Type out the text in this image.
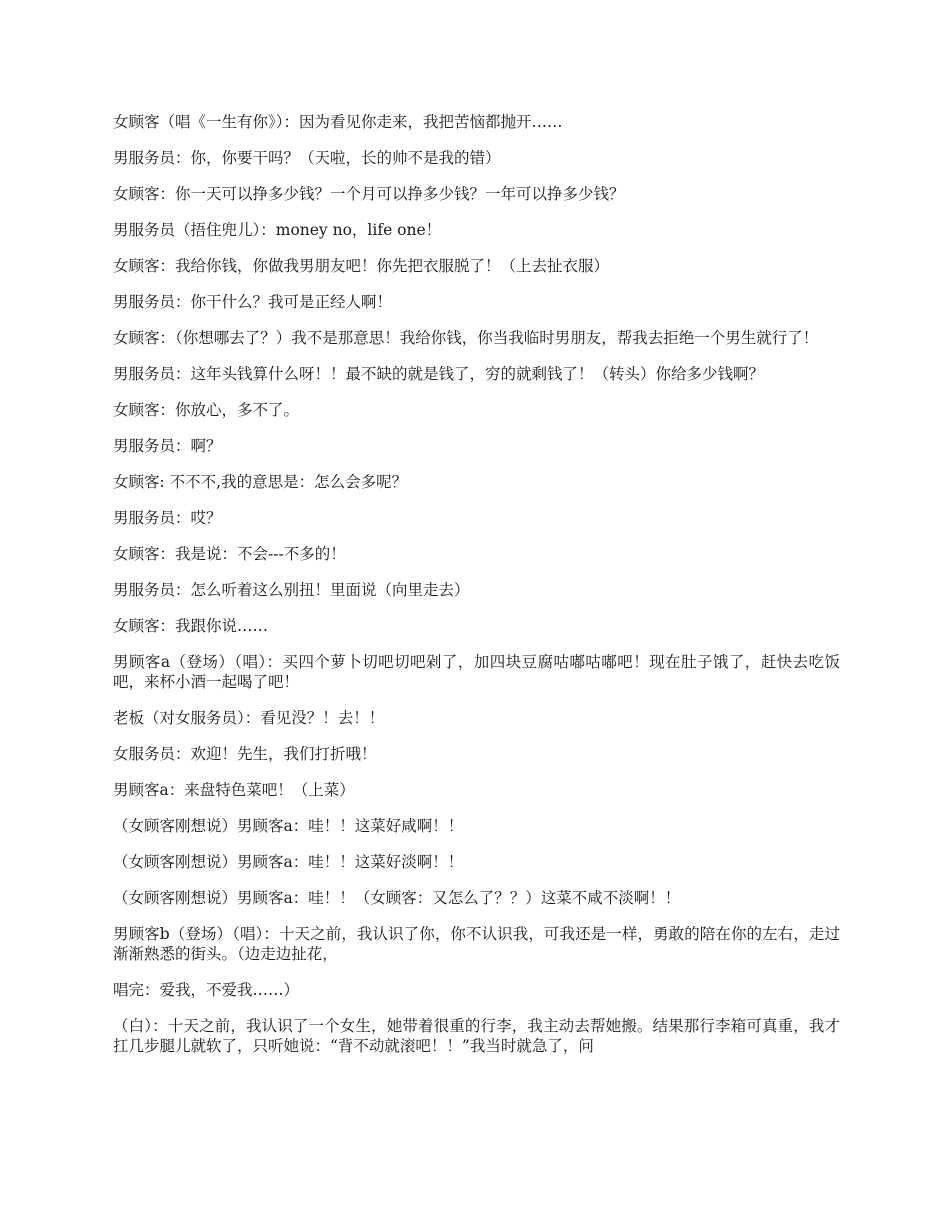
女顾客（唱《一生有你》）：因为看见你走来，我把苦恼都抛开……

男服务员：你，你要干吗？（天啦，长的帅不是我的错）

女顾客：你一天可以挣多少钱？一个月可以挣多少钱？一年可以挣多少钱？

男服务员（捂住兜儿）：money no，life one！

女顾客：我给你钱，你做我男朋友吧！你先把衣服脱了！（上去扯衣服）

男服务员：你干什么？我可是正经人啊！

女顾客：（你想哪去了？）我不是那意思！我给你钱，你当我临时男朋友，帮我去拒绝一个男生就行了！

男服务员：这年头钱算什么呀！！最不缺的就是钱了，穷的就剩钱了！（转头）你给多少钱啊？

女顾客：你放心，多不了。

男服务员：啊？

女顾客: 不不不,我的意思是：怎么会多呢？

男服务员：哎？

女顾客：我是说：不会---不多的！

男服务员：怎么听着这么别扭！里面说（向里走去）

女顾客：我跟你说……

男顾客a（登场）（唱）：买四个萝卜切吧切吧剁了，加四块豆腐咕嘟咕嘟吧！现在肚子饿了，赶快去吃饭吧，来杯小酒一起喝了吧！

老板（对女服务员）：看见没？！去！！

女服务员：欢迎！先生，我们打折哦！

男顾客a：来盘特色菜吧！（上菜）

（女顾客刚想说）男顾客a：哇！！这菜好咸啊！！

（女顾客刚想说）男顾客a：哇！！这菜好淡啊！！

（女顾客刚想说）男顾客a：哇！！（女顾客：又怎么了？？）这菜不咸不淡啊！！

男顾客b（登场）（唱）：十天之前，我认识了你，你不认识我，可我还是一样，勇敢的陪在你的左右，走过渐渐熟悉的街头。（边走边扯花，

唱完：爱我，不爱我……）

（白）：十天之前，我认识了一个女生，她带着很重的行李，我主动去帮她搬。结果那行李箱可真重，我才扛几步腿儿就软了，只听她说：“背不动就滚吧！！”我当时就急了，问
